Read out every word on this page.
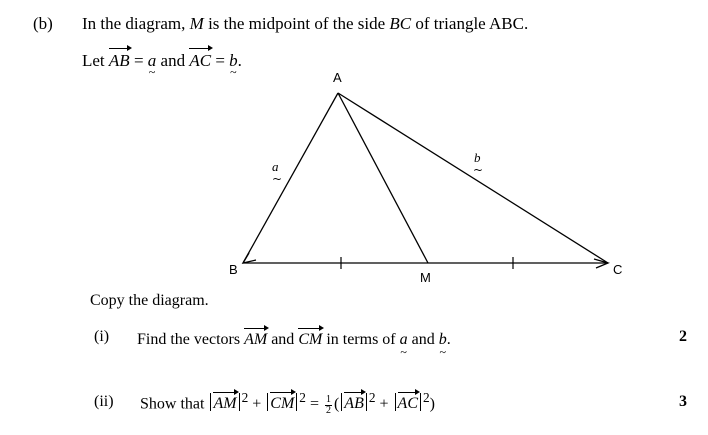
(b) In the diagram, M is the midpoint of the side BC of triangle ABC.
Let AB = a ~ and AC = b ~.
A
B	C
M
a
~
b
~
Copy the diagram.
(i) Find the vectors AM and CM in terms of a ~ and b ~.	2
(ii) Show that AM $^2$ + CM $^2 = \frac{1}{2}$ ( AB $^2$ + AC $^2$)	3
